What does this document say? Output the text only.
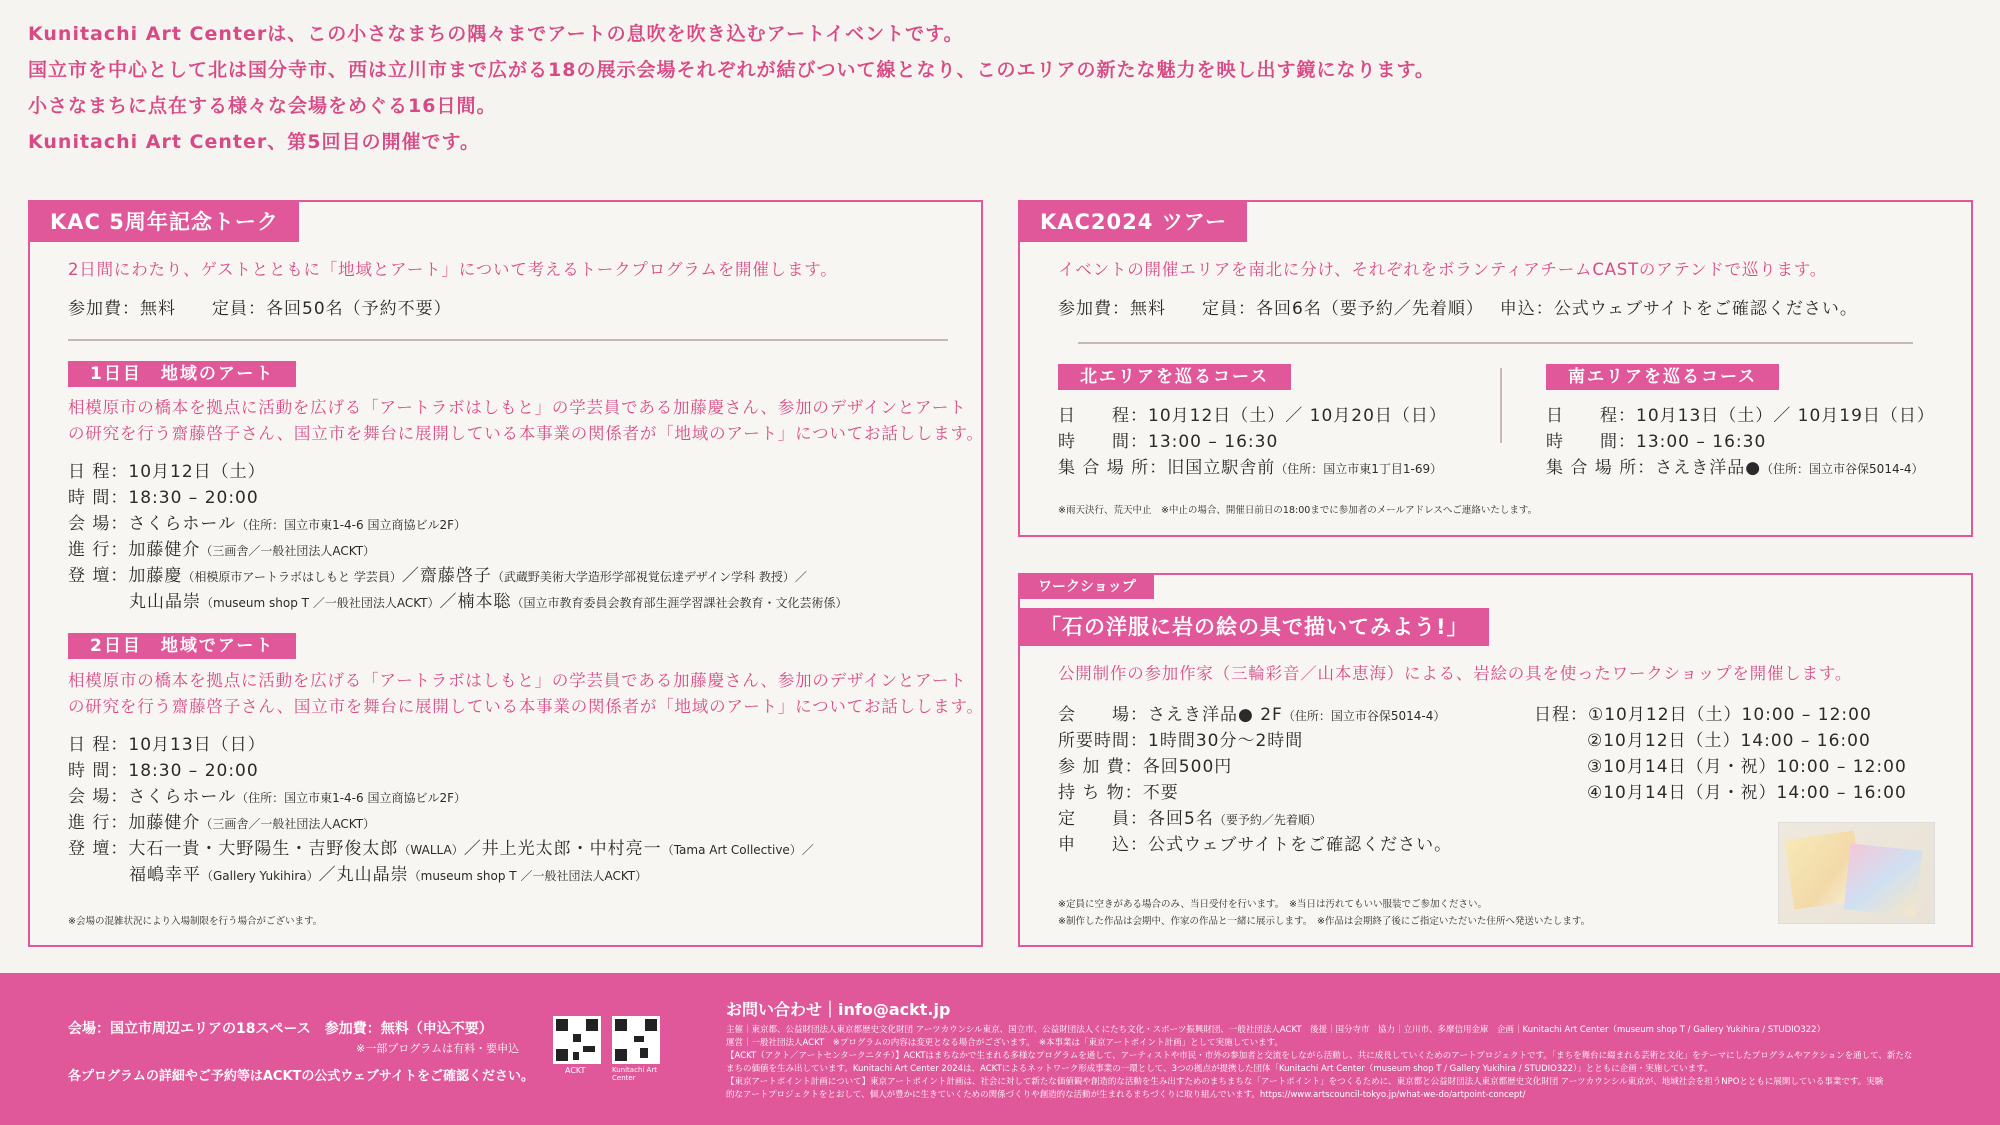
Kunitachi Art Centerは、この小さなまちの隅々までアートの息吹を吹き込むアートイベントです。

国立市を中心として北は国分寺市、西は立川市まで広がる18の展示会場それぞれが結びついて線となり、このエリアの新たな魅力を映し出す鏡になります。

小さなまちに点在する様々な会場をめぐる16日間。

Kunitachi Art Center、第5回目の開催です。

KAC 5周年記念トーク
2日間にわたり、ゲストとともに「地域とアート」について考えるトークプログラムを開催します。
参加費：無料　　定員：各回50名（予約不要）
1日目　地域のアート
相模原市の橋本を拠点に活動を広げる「アートラボはしもと」の学芸員である加藤慶さん、参加のデザインとアート
の研究を行う齋藤啓子さん、国立市を舞台に展開している本事業の関係者が「地域のアート」についてお話しします。
日 程：10月12日（土）
時 間：18:30 – 20:00
会 場：さくらホール（住所：国立市東1-4-6 国立商協ビル2F）
進 行：加藤健介（三画舎／一般社団法人ACKT）
登 壇：加藤慶（相模原市アートラボはしもと 学芸員）／齋藤啓子（武蔵野美術大学造形学部視覚伝達デザイン学科 教授）／
丸山晶崇（museum shop T ／一般社団法人ACKT）／楠本聡（国立市教育委員会教育部生涯学習課社会教育・文化芸術係）
2日目　地域でアート
相模原市の橋本を拠点に活動を広げる「アートラボはしもと」の学芸員である加藤慶さん、参加のデザインとアート
の研究を行う齋藤啓子さん、国立市を舞台に展開している本事業の関係者が「地域のアート」についてお話しします。
日 程：10月13日（日）
時 間：18:30 – 20:00
会 場：さくらホール（住所：国立市東1-4-6 国立商協ビル2F）
進 行：加藤健介（三画舎／一般社団法人ACKT）
登 壇：大石一貴・大野陽生・吉野俊太郎（WALLA）／井上光太郎・中村亮一（Tama Art Collective）／
福嶋幸平（Gallery Yukihira）／丸山晶崇（museum shop T ／一般社団法人ACKT）
※会場の混雑状況により入場制限を行う場合がございます。
KAC2024 ツアー
イベントの開催エリアを南北に分け、それぞれをボランティアチームCASTのアテンドで巡ります。
参加費：無料　　定員：各回6名（要予約／先着順）　 申込：公式ウェブサイトをご確認ください。
北エリアを巡るコース
日　　程：10月12日（土）／ 10月20日（日）
時　　間：13:00 – 16:30
集 合 場 所：旧国立駅舎前（住所：国立市東1丁目1-69）
南エリアを巡るコース
日　　程：10月13日（土）／ 10月19日（日）
時　　間：13:00 – 16:30
集 合 場 所：さえき洋品●（住所：国立市谷保5014-4）
※雨天決行、荒天中止　※中止の場合、開催日前日の18:00までに参加者のメールアドレスへご連絡いたします。
ワークショップ
「石の洋服に岩の絵の具で描いてみよう!」
公開制作の参加作家（三輪彩音／山本恵海）による、岩絵の具を使ったワークショップを開催します。
会　　場：さえき洋品● 2F（住所：国立市谷保5014-4）
所要時間：1時間30分～2時間
参 加 費：各回500円
持 ち 物：不要
定　　員：各回5名（要予約／先着順）
申　　込：公式ウェブサイトをご確認ください。
日程：①10月12日（土）10:00 – 12:00
②10月12日（土）14:00 – 16:00
③10月14日（月・祝）10:00 – 12:00
④10月14日（月・祝）14:00 – 16:00
※定員に空きがある場合のみ、当日受付を行います。　※当日は汚れてもいい服装でご参加ください。
※制作した作品は会期中、作家の作品と一緒に展示します。　※作品は会期終了後にご指定いただいた住所へ発送いたします。
会場：国立市周辺エリアの18スペース　参加費：無料（申込不要）
※一部プログラムは有料・要申込
各プログラムの詳細やご予約等はACKTの公式ウェブサイトをご確認ください。	ACKT	Kunitachi Art Center
お問い合わせ｜info@ackt.jp
主催｜東京都、公益財団法人東京都歴史文化財団 アーツカウンシル東京、国立市、公益財団法人くにたち文化・スポーツ振興財団、一般社団法人ACKT　後援｜国分寺市　協力｜立川市、多摩信用金庫　企画｜Kunitachi Art Center（museum shop T / Gallery Yukihira / STUDIO322）
運営｜一般社団法人ACKT　※プログラムの内容は変更となる場合がございます。　※本事業は「東京アートポイント計画」として実施しています。
【ACKT（アクト／アートセンタークニタチ）】ACKTはまちなかで生まれる多様なプログラムを通して、アーティストや市民・市外の参加者と交流をしながら活動し、共に成長していくためのアートプロジェクトです。「まちを舞台に綴まれる芸術と文化」をテーマにしたプログラムやアクションを通して、新たな
まちの価値を生み出しています。Kunitachi Art Center 2024は、ACKTによるネットワーク形成事業の一環として、3つの拠点が提携した団体「Kunitachi Art Center（museum shop T / Gallery Yukihira / STUDIO322）」とともに企画・実施しています。
【東京アートポイント計画について】東京アートポイント計画は、社会に対して新たな価値観や創造的な活動を生み出すためのまちまちな「アートポイント」をつくるために、東京都と公益財団法人東京都歴史文化財団 アーツカウンシル東京が、地域社会を担うNPOとともに展開している事業です。実験
的なアートプロジェクトをとおして、個人が豊かに生きていくための関係づくりや創造的な活動が生まれるまちづくりに取り組んでいます。https://www.artscouncil-tokyo.jp/what-we-do/artpoint-concept/
